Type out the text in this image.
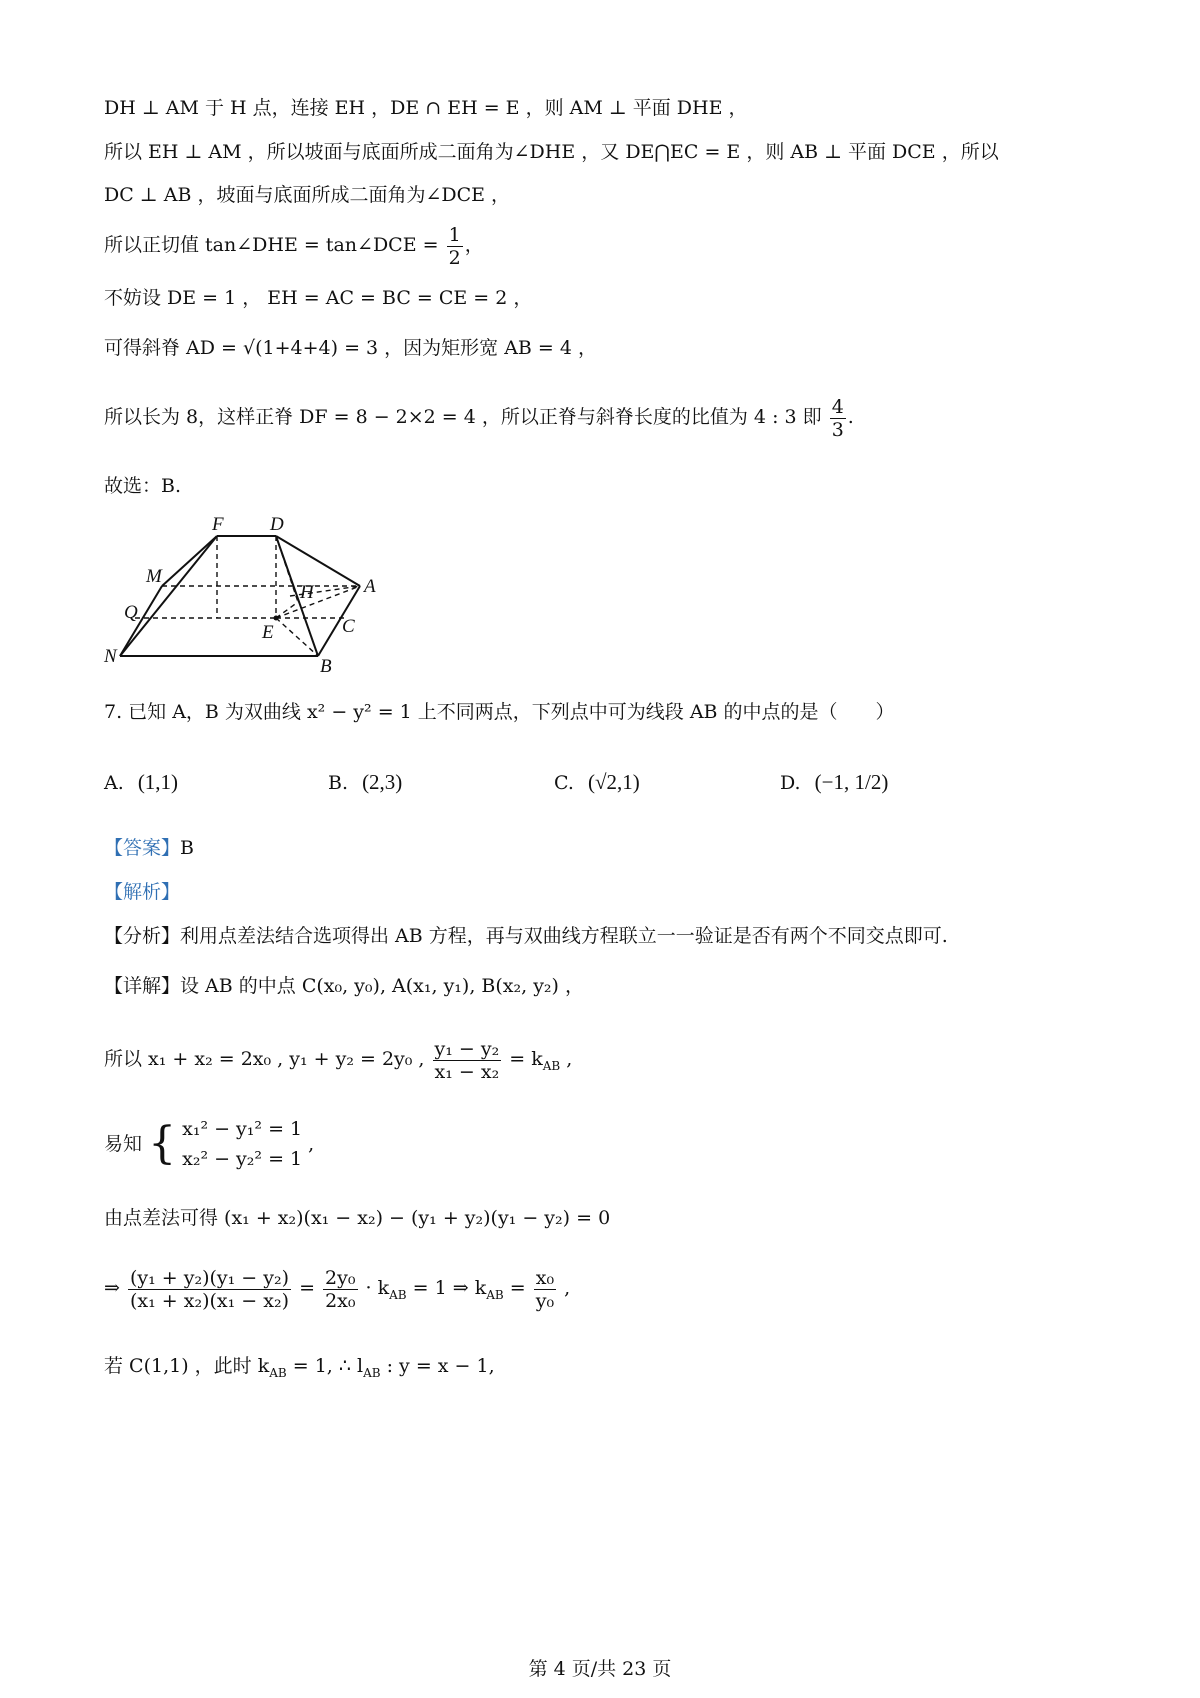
DH ⊥ AM 于 H 点，连接 EH ，DE ∩ EH = E ，则 AM ⊥ 平面 DHE ，
所以 EH ⊥ AM ，所以坡面与底面所成二面角为∠DHE ，又 DE⋂EC = E ，则 AB ⊥ 平面 DCE ，所以
DC ⊥ AB ，坡面与底面所成二面角为∠DCE ，
所以正切值 tan∠DHE = tan∠DCE = $\frac{1}{2}$ ，
不妨设 DE = 1 ， EH = AC = BC = CE = 2 ，
可得斜脊 AD = √(1+4+4) = 3 ，因为矩形宽 AB = 4 ，
所以长为 8，这样正脊 DF = 8 − 2×2 = 4 ，所以正脊与斜脊长度的比值为 4 : 3 即 $\frac{4}{3}$ .
故选：B.
F D
M	A
H
Q
E	C
N	B
7. 已知 A，B 为双曲线 x² − y² = 1 上不同两点，下列点中可为线段 AB 的中点的是（　　）
A. (1,1)	B. (2,3)	C. (√2,1)	D. (−1, 1/2)
【答案】B
【解析】
【分析】利用点差法结合选项得出 AB 方程，再与双曲线方程联立一一验证是否有两个不同交点即可.
【详解】设 AB 的中点 C(x₀, y₀), A(x₁, y₁), B(x₂, y₂) ，
所以 x₁ + x₂ = 2x₀ , y₁ + y₂ = 2y₀ , $\frac{\text{y₁ − y₂}}{\text{x₁ − x₂}} = k_{AB}$ ,
易知 { x₁² − y₁² = 1
x₂² − y₂² = 1
,
由点差法可得 (x₁ + x₂)(x₁ − x₂) − (y₁ + y₂)(y₁ − y₂) = 0
⇒ $\frac{\text{(y₁ + y₂)(y₁ − y₂)}}{\text{(x₁ + x₂)(x₁ − x₂)}} = \frac{\text{2y₀}}{\text{2x₀}} \cdot k_{AB} = 1$ ⇒ $k_{AB} = \frac{\text{x₀}}{\text{y₀}}$ ,
若 C(1,1) ，此时 $k_{AB} = 1$, ∴ $l_{AB}$ : y = x − 1,
第 4 页/共 23 页
